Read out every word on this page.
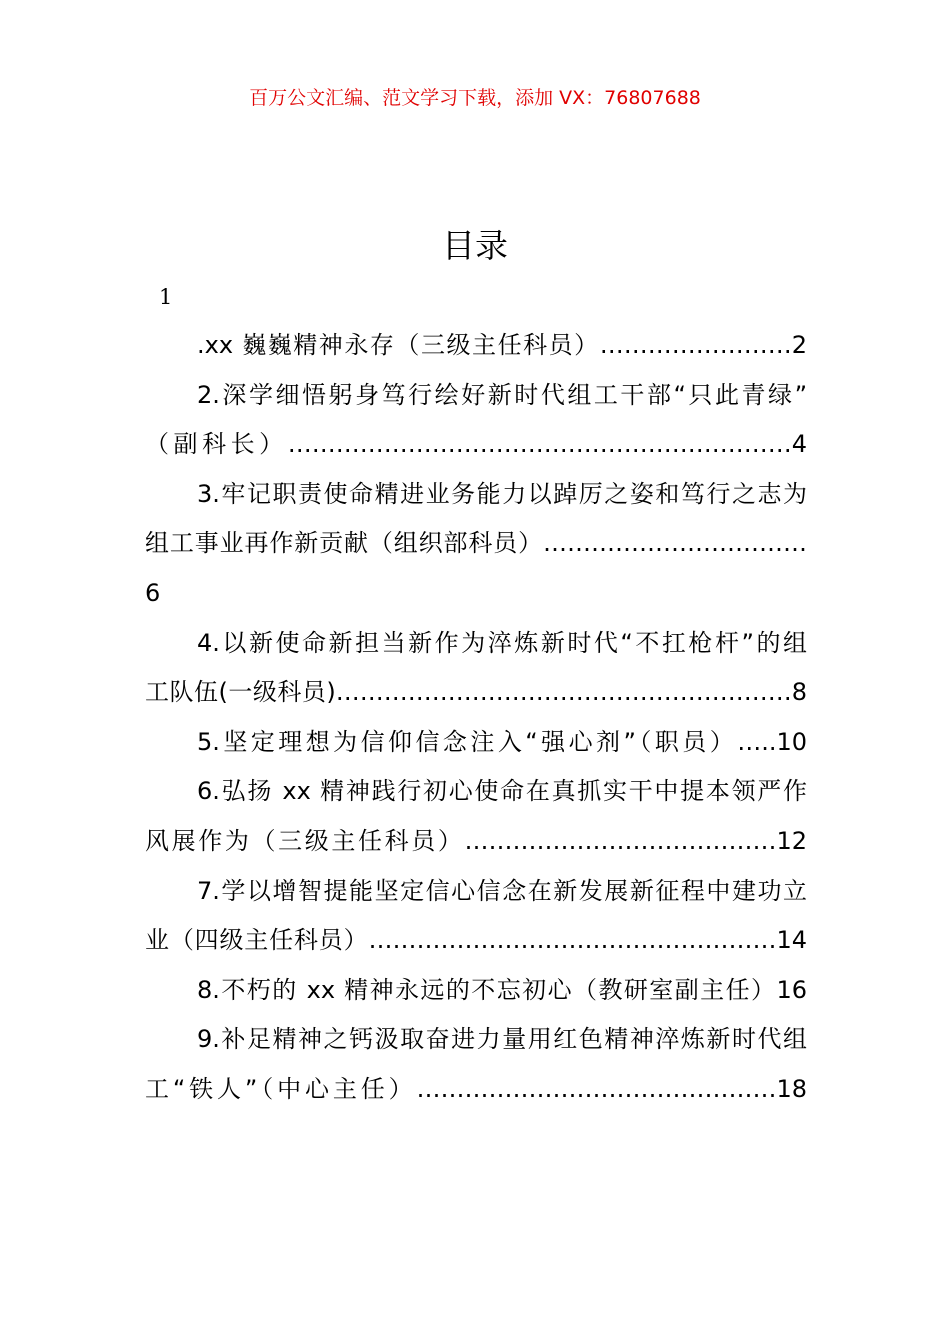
百万公文汇编、范文学习下载，添加 VX：76807688
目录
1

.xx 巍巍精神永存（三级主任科员）……………………2

2.深学细悟躬身笃行绘好新时代组工干部“只此青绿”

（副科长）………………………………………………………4

3.牢记职责使命精进业务能力以踔厉之姿和笃行之志为

组工事业再作新贡献（组织部科员）……………………………6

4.以新使命新担当新作为淬炼新时代“不扛枪杆”的组

工队伍(一级科员)…………………………………………………8

5.坚定理想为信仰信念注入“强心剂”（职员）…..10

6.弘扬 xx 精神践行初心使命在真抓实干中提本领严作

风展作为（三级主任科员）…………………………………12

7.学以增智提能坚定信心信念在新发展新征程中建功立

业（四级主任科员）……………………………………………14

8.不朽的 xx 精神永远的不忘初心（教研室副主任）16

9.补足精神之钙汲取奋进力量用红色精神淬炼新时代组

工“铁人”（中心主任）………………………………………18
